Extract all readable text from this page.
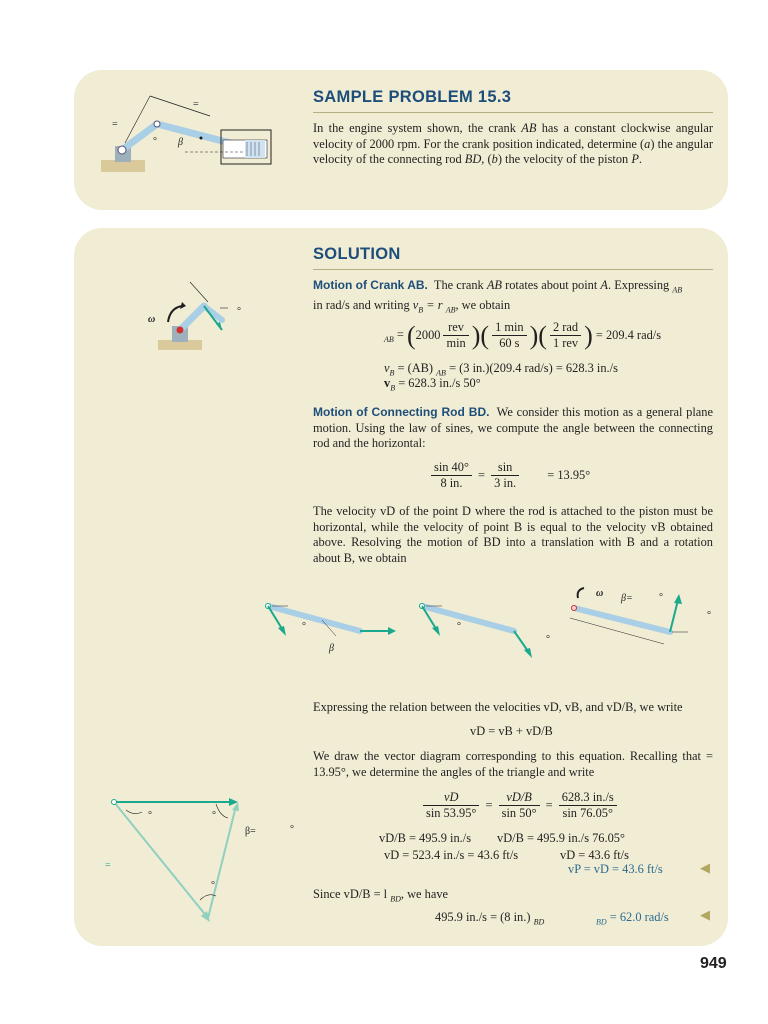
SAMPLE PROBLEM 15.3
In the engine system shown, the crank AB has a constant clockwise angular velocity of 2000 rpm. For the crank position indicated, determine (a) the angular velocity of the connecting rod BD, (b) the velocity of the piston P.
=
=
β
°
SOLUTION
ω
°
Motion of Crank AB. The crank AB rotates about point A. Expressing $_{AB}$
in rad/s and writing $v_B = r$ $_{AB}$, we obtain
$_{AB} = (2000 \frac{\text{rev}}{\min}$ )( $\frac{1 \min}{60 s}$ )( $\frac{\text{2 rad}}{\text{1 rev}}$ ) = 209.4 rad/s
$v_B = (AB) _{AB} = (3$ in.)(209.4 rad/s) = 628.3 in./s
$v_B = 628.3$ in./s 50°
Motion of Connecting Rod BD. We consider this motion as a general plane motion. Using the law of sines, we compute the angle between the connecting rod and the horizontal:
$\frac{\sin 40^\circ}{8 in.} = \frac{\sin}{3 in.} = 13.95^\circ$
The velocity vD of the point D where the rod is attached to the piston must be horizontal, while the velocity of point B is equal to the velocity vB obtained above. Resolving the motion of BD into a translation with B and a rotation about B, we obtain
β
°	°
°
β=	°
°
ω
Expressing the relation between the velocities vD, vB, and vD/B, we write
vD = vB + vD/B
We draw the vector diagram corresponding to this equation. Recalling that = 13.95°, we determine the angles of the triangle and write
$\frac{vD}{\sin 53.95^\circ} = \frac{vD/B}{\sin 50^\circ} = \frac{628.3 in./s}{\sin 76.05^\circ}$
vD/B = 495.9 in./s vD/B = 495.9 in./s 76.05°
vD = 523.4 in./s = 43.6 ft/s	vD = 43.6 ft/s
vP = vD = 43.6 ft/s	◀
Since vD/B = l $_{BD}$, we have
495.9 in./s = (8 in.) $_{BD}$	$_{BD}$ = 62.0 rad/s ◀
β=
=
°
°	°
°
949
